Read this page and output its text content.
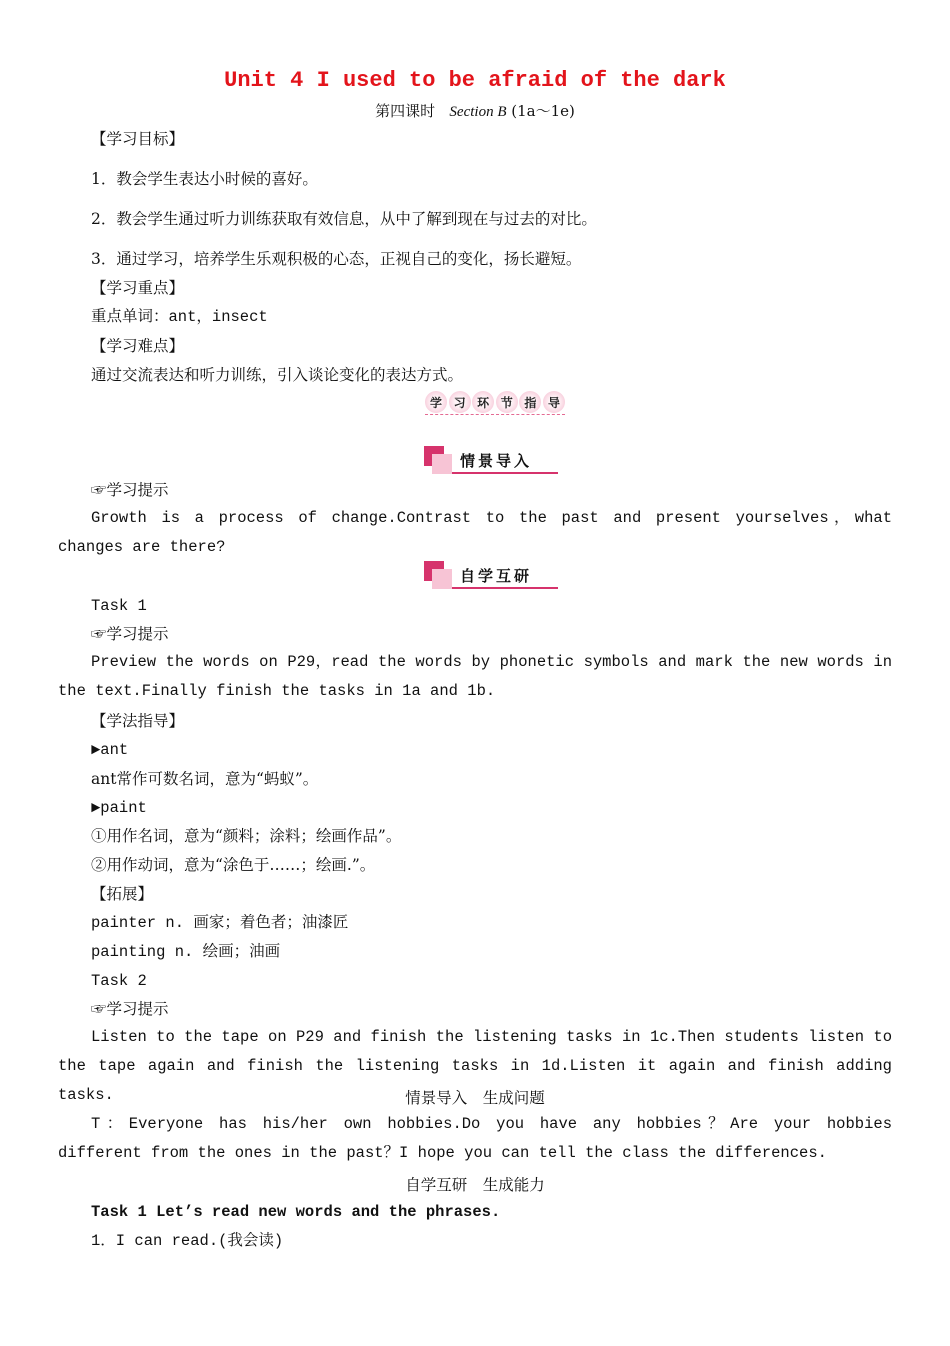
Unit 4 I used to be afraid of the dark
第四课时 Section B (1a～1e)
【学习目标】
1．教会学生表达小时候的喜好。
2．教会学生通过听力训练获取有效信息，从中了解到现在与过去的对比。
3．通过学习，培养学生乐观积极的心态，正视自己的变化，扬长避短。
【学习重点】
重点单词：ant，insect
【学习难点】
通过交流表达和听力训练，引入谈论变化的表达方式。
学 习 环 节 指 导
情景导入
☞学习提示
Growth is a process of change.Contrast to the past and present yourselves，what changes are there?
自学互研
Task 1
☞学习提示
Preview the words on P29，read the words by phonetic symbols and mark the new words in the text.Finally finish the tasks in 1a and 1b.
【学法指导】
►ant
ant常作可数名词，意为“蚂蚁”。
►paint
①用作名词，意为“颜料；涂料；绘画作品”。
②用作动词，意为“涂色于……；绘画.”。
【拓展】
painter n. 画家；着色者；油漆匠
painting n. 绘画；油画
Task 2
☞学习提示
Listen to the tape on P29 and finish the listening tasks in 1c.Then students listen to the tape again and finish the listening tasks in 1d.Listen it again and finish adding tasks.	情景导入　生成问题
T：Everyone has his/her own hobbies.Do you have any hobbies？Are your hobbies different from the ones in the past？I hope you can tell the class the differences.
自学互研　生成能力
Task 1 Let’s read new words and the phrases.
1．I can read.(我会读)
